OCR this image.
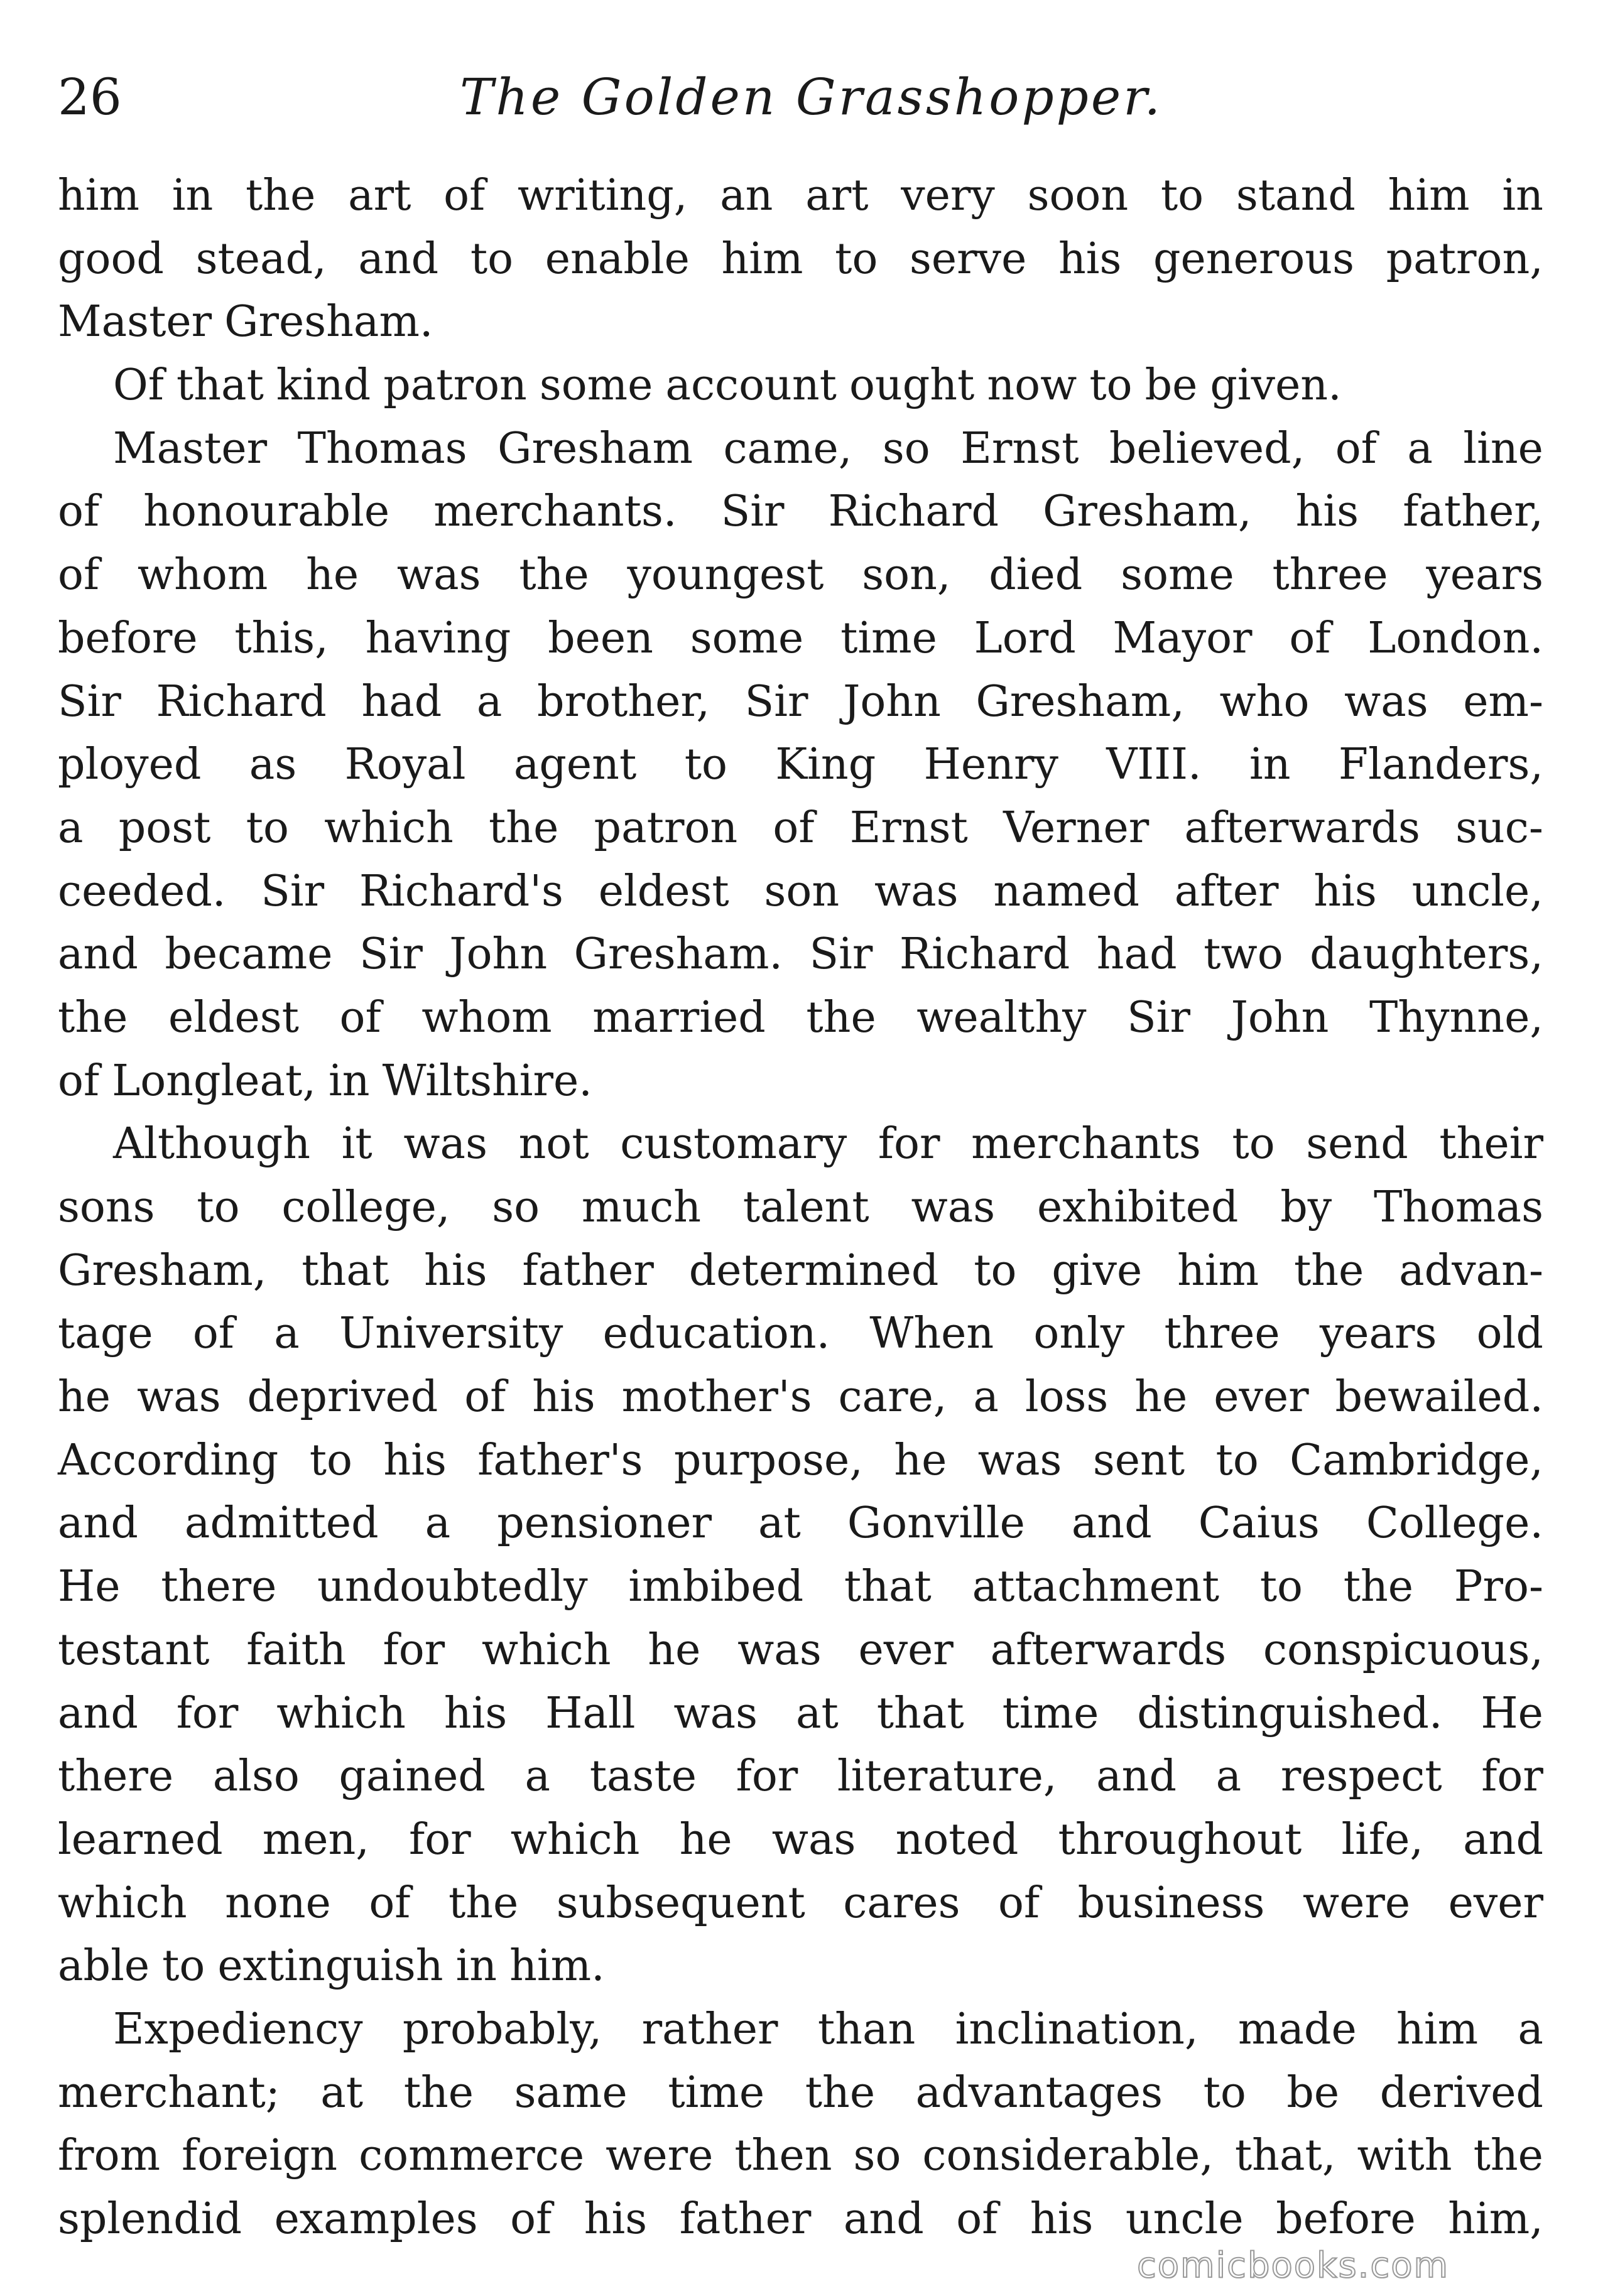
26	The Golden Grasshopper.
him in the art of writing, an art very soon to stand him in
good stead, and to enable him to serve his generous patron,
Master Gresham.
Of that kind patron some account ought now to be given.
Master Thomas Gresham came, so Ernst believed, of a line
of honourable merchants. Sir Richard Gresham, his father,
of whom he was the youngest son, died some three years
before this, having been some time Lord Mayor of London.
Sir Richard had a brother, Sir John Gresham, who was em-
ployed as Royal agent to King Henry VIII. in Flanders,
a post to which the patron of Ernst Verner afterwards suc-
ceeded. Sir Richard's eldest son was named after his uncle,
and became Sir John Gresham. Sir Richard had two daughters,
the eldest of whom married the wealthy Sir John Thynne,
of Longleat, in Wiltshire.
Although it was not customary for merchants to send their
sons to college, so much talent was exhibited by Thomas
Gresham, that his father determined to give him the advan-
tage of a University education. When only three years old
he was deprived of his mother's care, a loss he ever bewailed.
According to his father's purpose, he was sent to Cambridge,
and admitted a pensioner at Gonville and Caius College.
He there undoubtedly imbibed that attachment to the Pro-
testant faith for which he was ever afterwards conspicuous,
and for which his Hall was at that time distinguished. He
there also gained a taste for literature, and a respect for
learned men, for which he was noted throughout life, and
which none of the subsequent cares of business were ever
able to extinguish in him.
Expediency probably, rather than inclination, made him a
merchant; at the same time the advantages to be derived
from foreign commerce were then so considerable, that, with the
splendid examples of his father and of his uncle before him,
comicbooks.com
